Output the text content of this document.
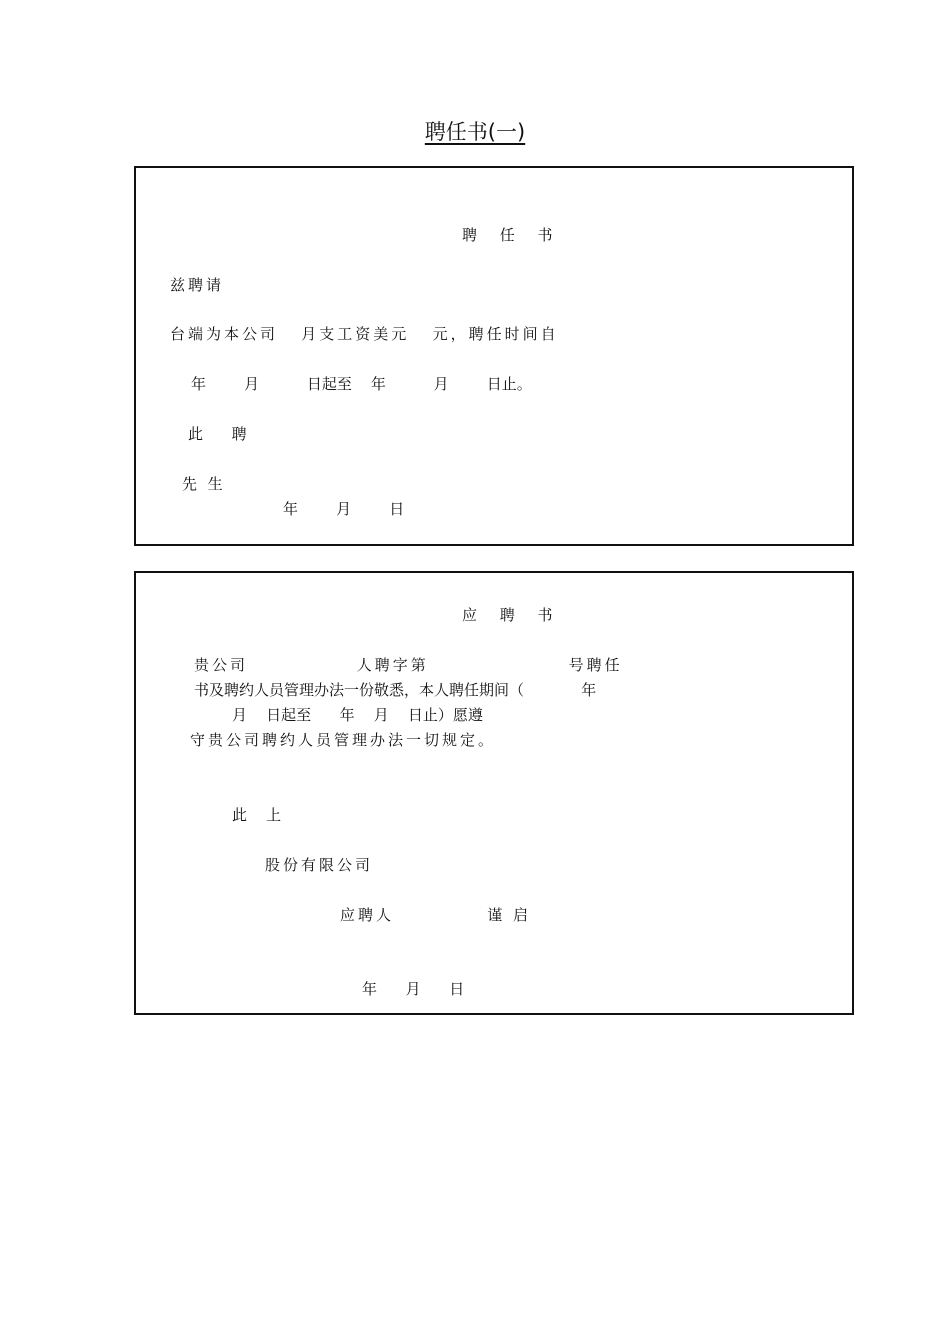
聘任书(一)
聘 任 书
兹聘请
台端为本公司   月支工资美元   元，聘任时间自
年        月          日起至    年          月        日止。
此      聘
先 生
年        月        日
应 聘 书
贵公司              人聘字第                  号聘任
书及聘约人员管理办法一份敬悉，本人聘任期间（            年
月    日起至      年    月    日止）愿遵
守贵公司聘约人员管理办法一切规定。
此    上
股份有限公司
应聘人            谨 启
年      月      日
